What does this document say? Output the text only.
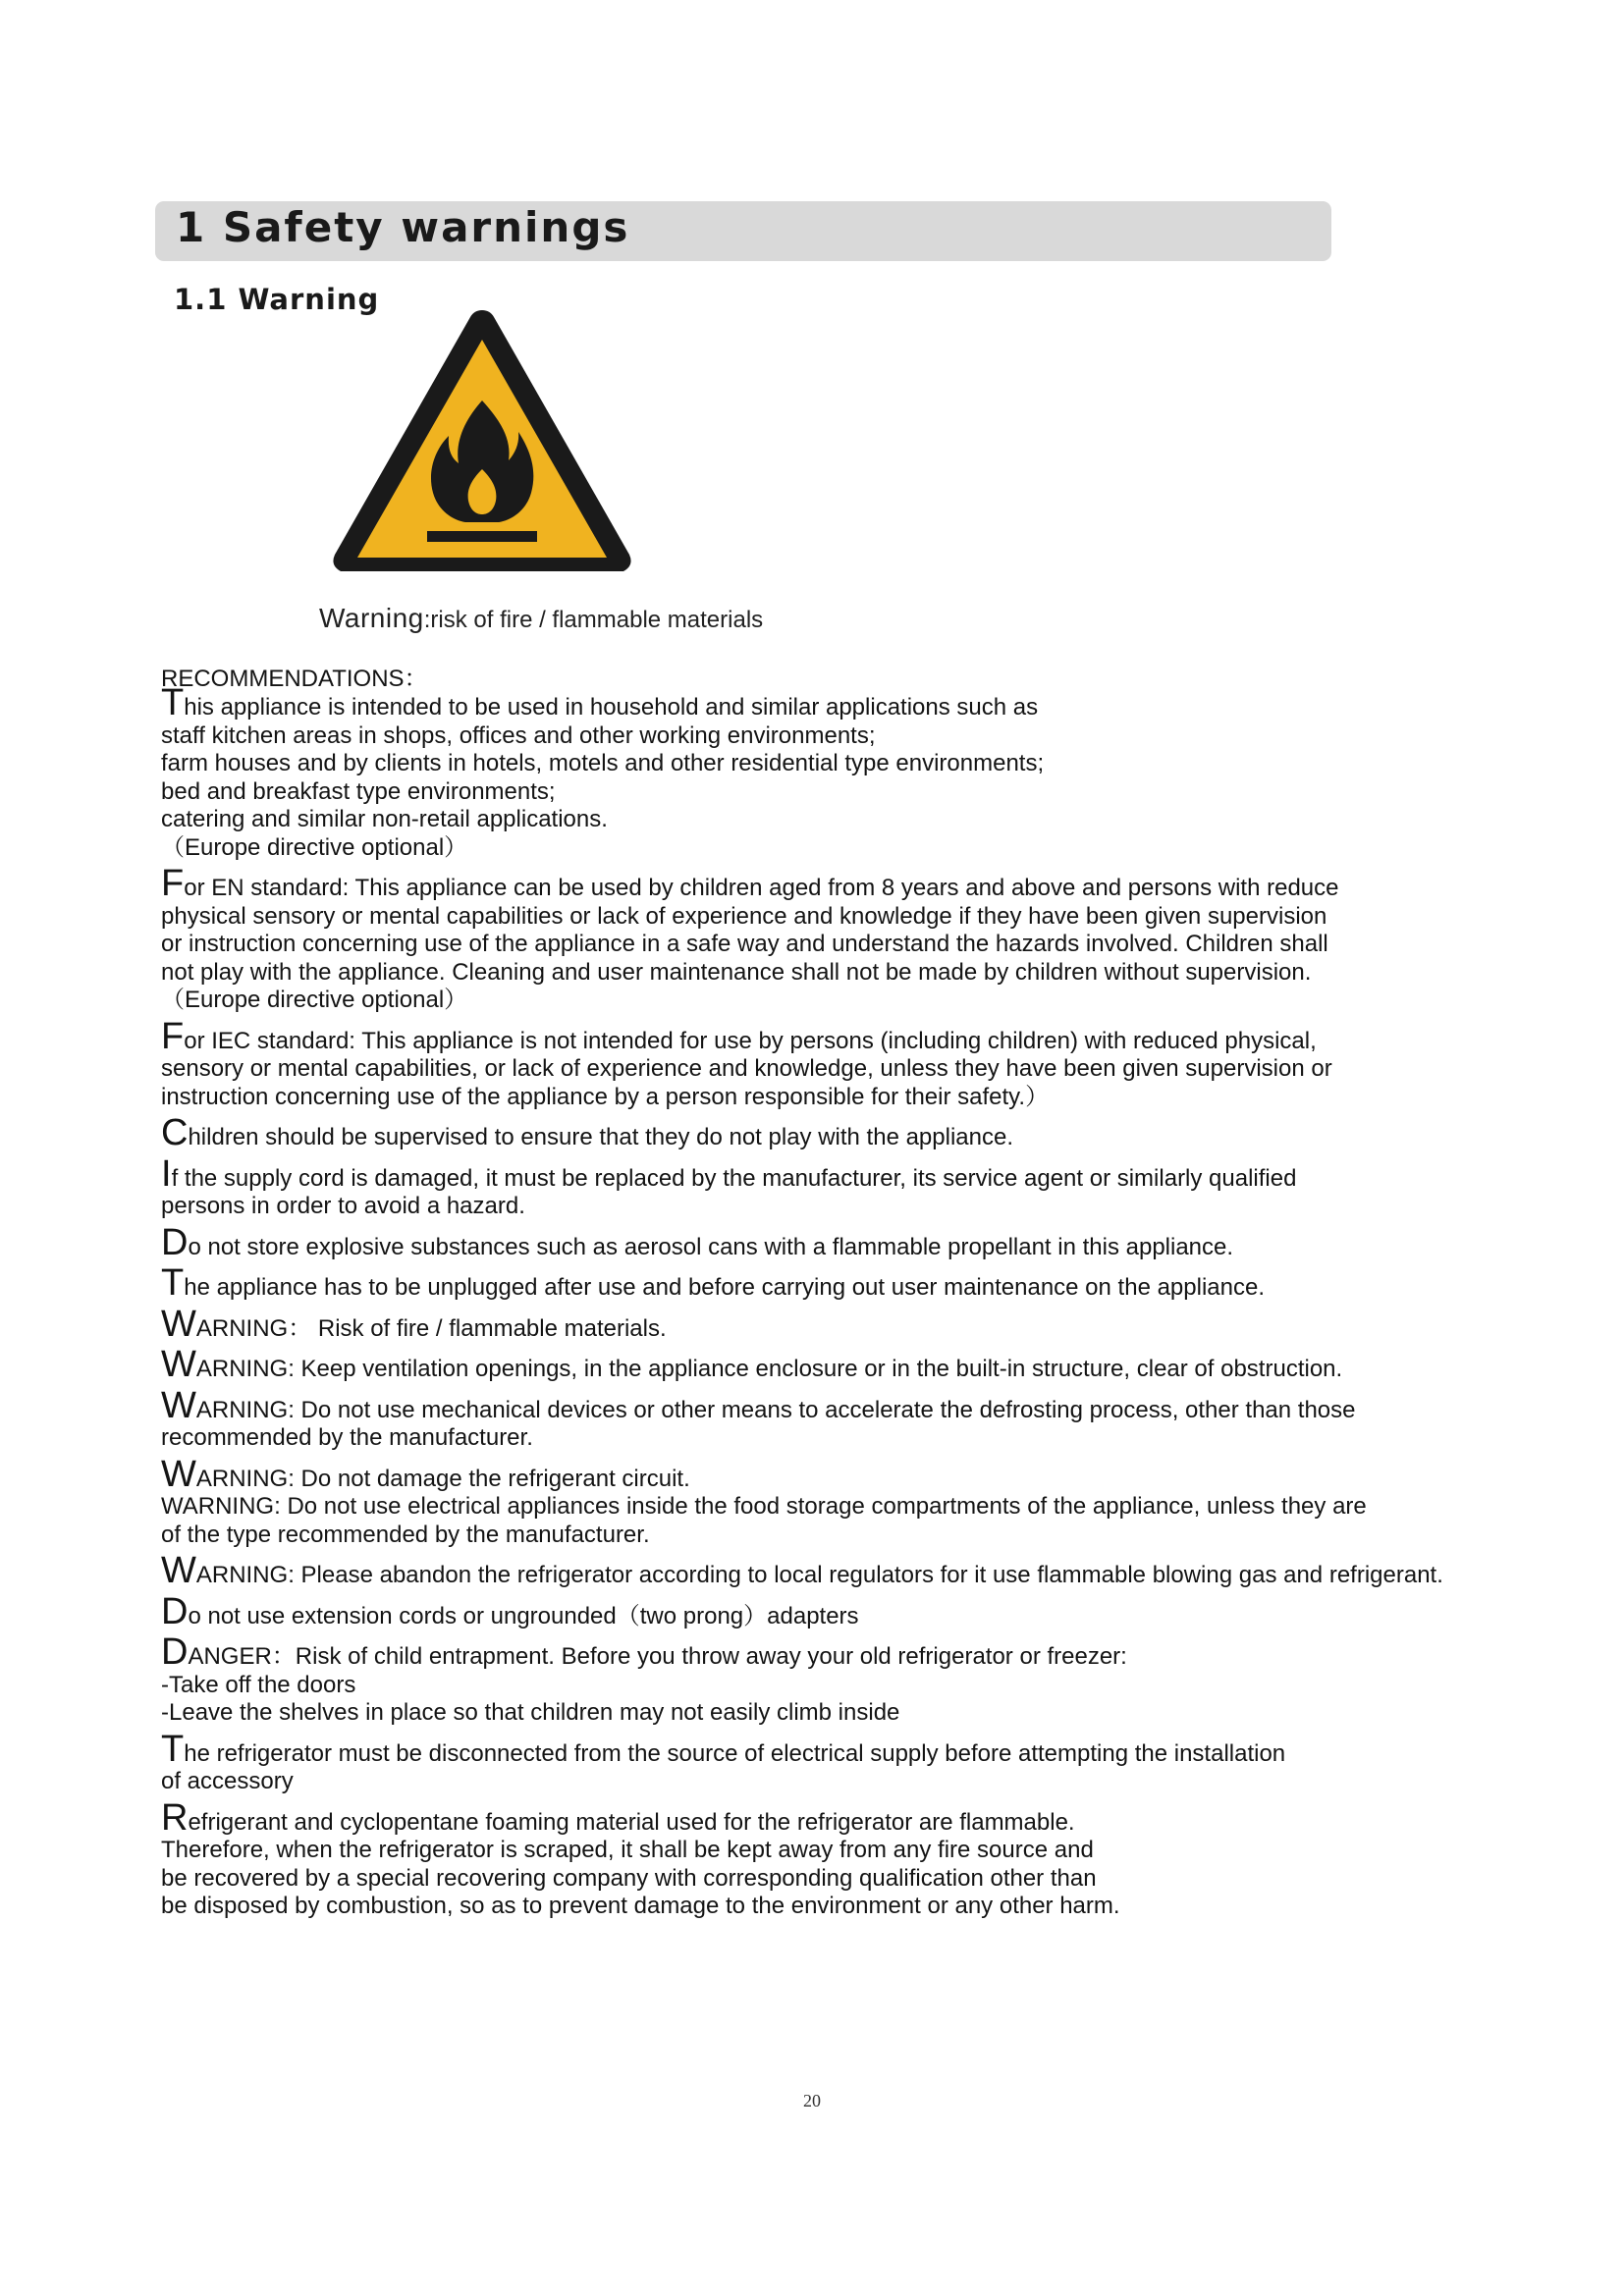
1 Safety warnings
1.1 Warning
Warning:risk of fire / flammable materials
RECOMMENDATIONS：
This appliance is intended to be used in household and similar applications such as
staff kitchen areas in shops, offices and other working environments;
farm houses and by clients in hotels, motels and other residential type environments;
bed and breakfast type environments;
catering and similar non-retail applications.
（Europe directive optional）
For EN standard: This appliance can be used by children aged from 8 years and above and persons with reduce
physical sensory or mental capabilities or lack of experience and knowledge if they have been given supervision
or instruction concerning use of the appliance in a safe way and understand the hazards involved. Children shall
not play with the appliance. Cleaning and user maintenance shall not be made by children without supervision.
（Europe directive optional）
For IEC standard: This appliance is not intended for use by persons (including children) with reduced physical,
sensory or mental capabilities, or lack of experience and knowledge, unless they have been given supervision or
instruction concerning use of the appliance by a person responsible for their safety.）
Children should be supervised to ensure that they do not play with the appliance.
If the supply cord is damaged, it must be replaced by the manufacturer, its service agent or similarly qualified
persons in order to avoid a hazard.
Do not store explosive substances such as aerosol cans with a flammable propellant in this appliance.
The appliance has to be unplugged after use and before carrying out user maintenance on the appliance.
WARNING： Risk of fire / flammable materials.
WARNING: Keep ventilation openings, in the appliance enclosure or in the built-in structure, clear of obstruction.
WARNING: Do not use mechanical devices or other means to accelerate the defrosting process, other than those
recommended by the manufacturer.
WARNING: Do not damage the refrigerant circuit.
WARNING: Do not use electrical appliances inside the food storage compartments of the appliance, unless they are
of the type recommended by the manufacturer.
WARNING: Please abandon the refrigerator according to local regulators for it use flammable blowing gas and refrigerant.
Do not use extension cords or ungrounded（two prong）adapters
DANGER：Risk of child entrapment. Before you throw away your old refrigerator or freezer:
-Take off the doors
-Leave the shelves in place so that children may not easily climb inside
The refrigerator must be disconnected from the source of electrical supply before attempting the installation
of accessory
Refrigerant and cyclopentane foaming material used for the refrigerator are flammable.
Therefore, when the refrigerator is scraped, it shall be kept away from any fire source and
be recovered by a special recovering company with corresponding qualification other than
be disposed by combustion, so as to prevent damage to the environment or any other harm.
20
